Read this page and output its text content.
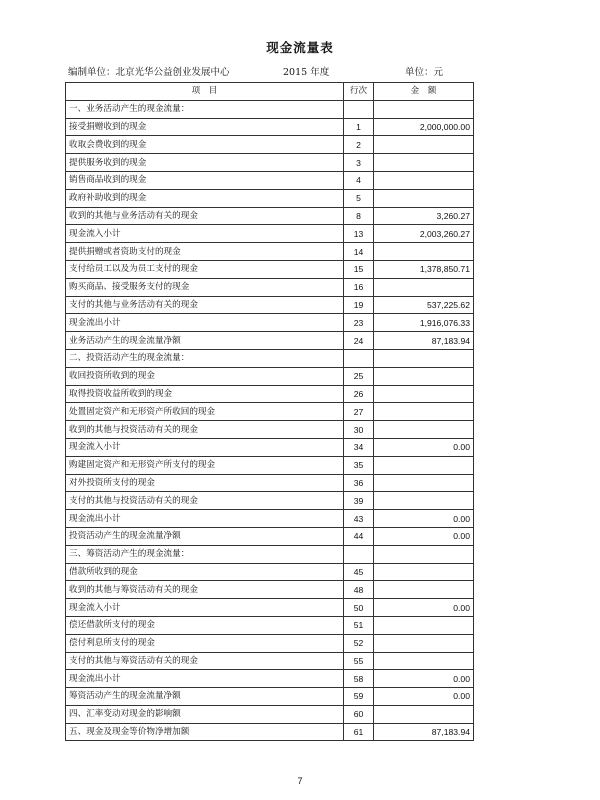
现金流量表
编制单位：北京光华公益创业发展中心	2015 年度	单位：元
项　目	行次	金　额
一、业务活动产生的现金流量：		
接受捐赠收到的现金	1	2,000,000.00
收取会费收到的现金	2	
提供服务收到的现金	3	
销售商品收到的现金	4	
政府补助收到的现金	5	
收到的其他与业务活动有关的现金	8	3,260.27
现金流入小计	13	2,003,260.27
提供捐赠或者资助支付的现金	14	
支付给员工以及为员工支付的现金	15	1,378,850.71
购买商品、接受服务支付的现金	16	
支付的其他与业务活动有关的现金	19	537,225.62
现金流出小计	23	1,916,076.33
业务活动产生的现金流量净额	24	87,183.94
二、投资活动产生的现金流量：		
收回投资所收到的现金	25	
取得投资收益所收到的现金	26	
处置固定资产和无形资产所收回的现金	27	
收到的其他与投资活动有关的现金	30	
现金流入小计	34	0.00
购建固定资产和无形资产所支付的现金	35	
对外投资所支付的现金	36	
支付的其他与投资活动有关的现金	39	
现金流出小计	43	0.00
投资活动产生的现金流量净额	44	0.00
三、筹资活动产生的现金流量：		
借款所收到的现金	45	
收到的其他与筹资活动有关的现金	48	
现金流入小计	50	0.00
偿还借款所支付的现金	51	
偿付利息所支付的现金	52	
支付的其他与筹资活动有关的现金	55	
现金流出小计	58	0.00
筹资活动产生的现金流量净额	59	0.00
四、汇率变动对现金的影响额	60	
五、现金及现金等价物净增加额	61	87,183.94
7
